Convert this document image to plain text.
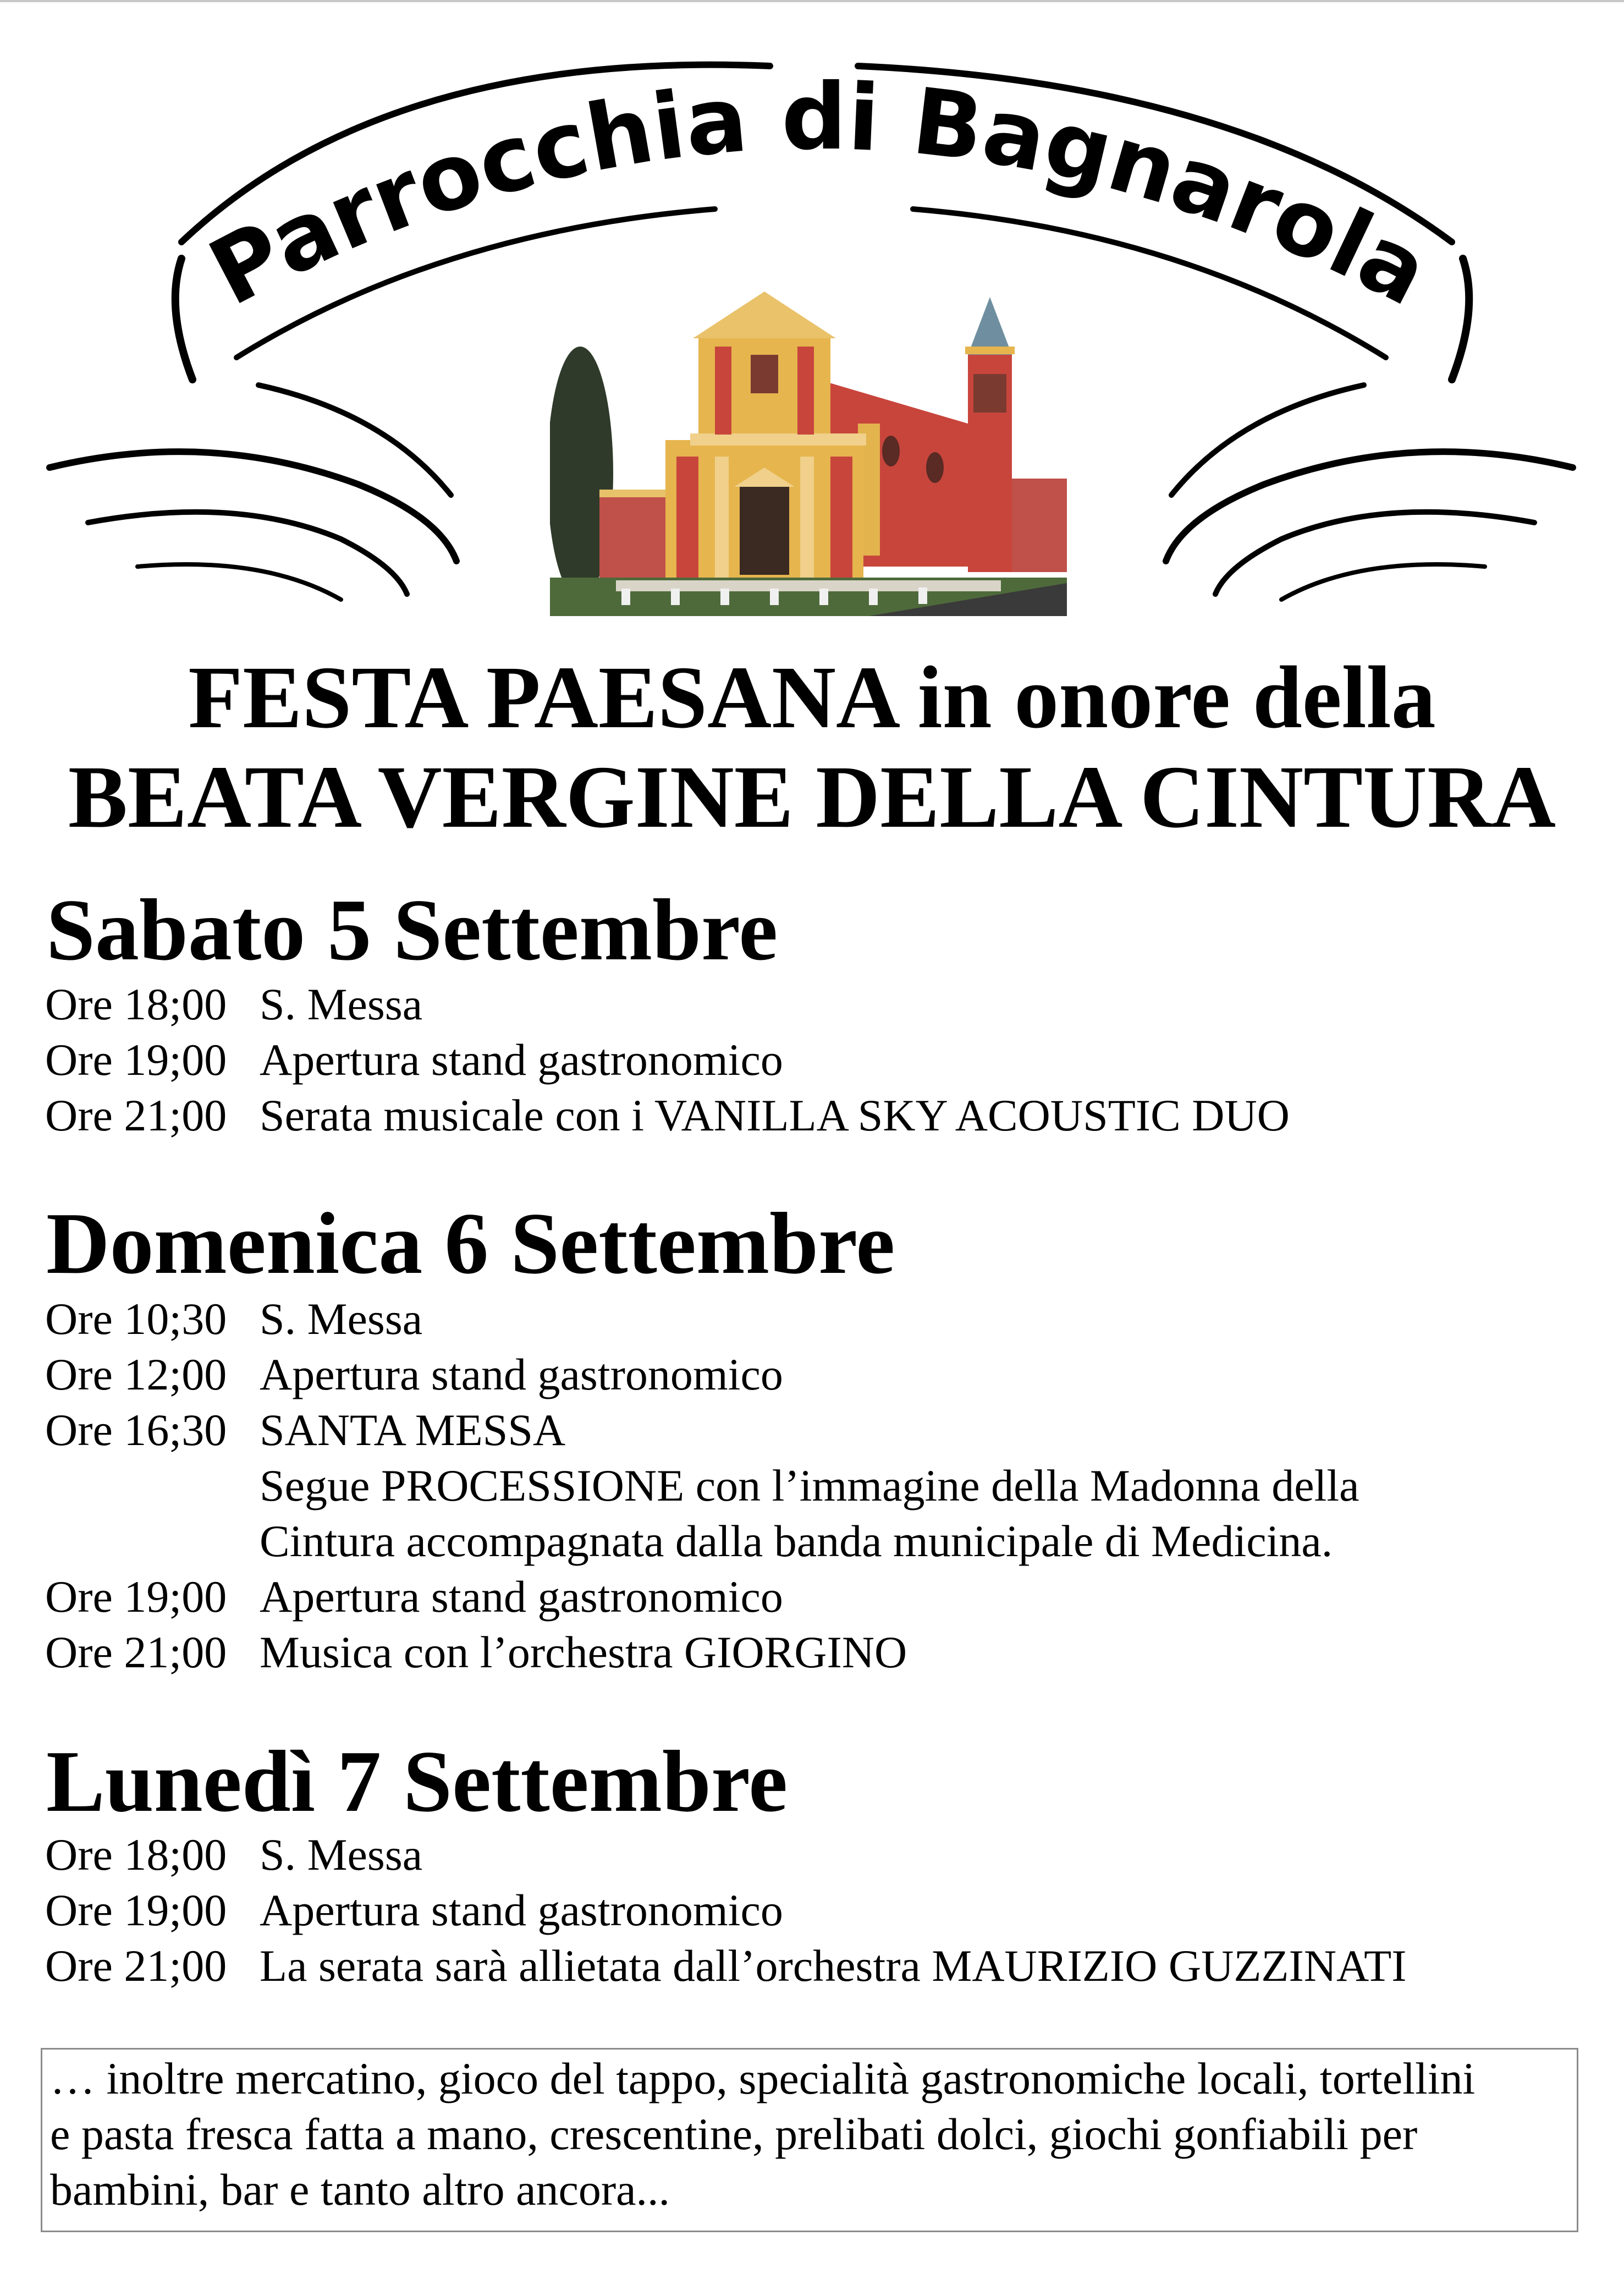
Parrocchia di Bagnarola
FESTA PAESANA in onore della
BEATA VERGINE DELLA CINTURA
Sabato 5 Settembre
Ore 18;00 S. Messa
Ore 19;00 Apertura stand gastronomico
Ore 21;00 Serata musicale con i VANILLA SKY ACOUSTIC DUO
Domenica 6 Settembre
Ore 10;30 S. Messa
Ore 12;00 Apertura stand gastronomico
Ore 16;30 SANTA MESSA
Segue PROCESSIONE con l’immagine della Madonna della
Cintura accompagnata dalla banda municipale di Medicina.
Ore 19;00 Apertura stand gastronomico
Ore 21;00 Musica con l’orchestra GIORGINO
Lunedì 7 Settembre
Ore 18;00 S. Messa
Ore 19;00 Apertura stand gastronomico
Ore 21;00 La serata sarà allietata dall’orchestra MAURIZIO GUZZINATI
… inoltre mercatino, gioco del tappo, specialità gastronomiche locali, tortellini
e pasta fresca fatta a mano, crescentine, prelibati dolci, giochi gonfiabili per
bambini, bar e tanto altro ancora...
